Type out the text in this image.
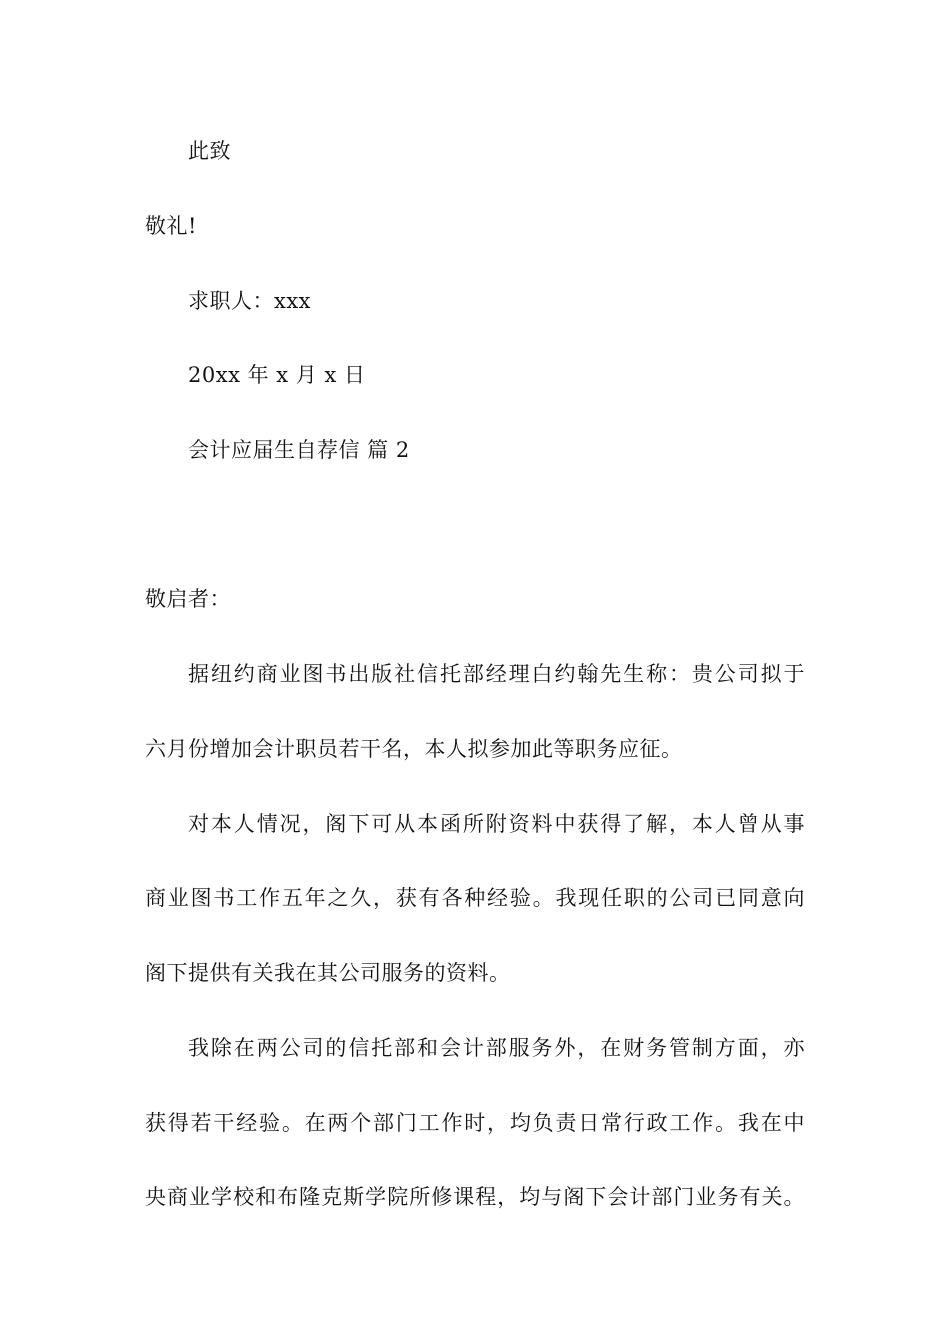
此致
敬礼!
求职人：xxx
20xx 年 x 月 x 日
会计应届生自荐信 篇 2
敬启者：
据纽约商业图书出版社信托部经理白约翰先生称：贵公司拟于
六月份增加会计职员若干名，本人拟参加此等职务应征。
对本人情况，阁下可从本函所附资料中获得了解，本人曾从事
商业图书工作五年之久，获有各种经验。我现任职的公司已同意向
阁下提供有关我在其公司服务的资料。
我除在两公司的信托部和会计部服务外，在财务管制方面，亦
获得若干经验。在两个部门工作时，均负责日常行政工作。我在中
央商业学校和布隆克斯学院所修课程，均与阁下会计部门业务有关。
